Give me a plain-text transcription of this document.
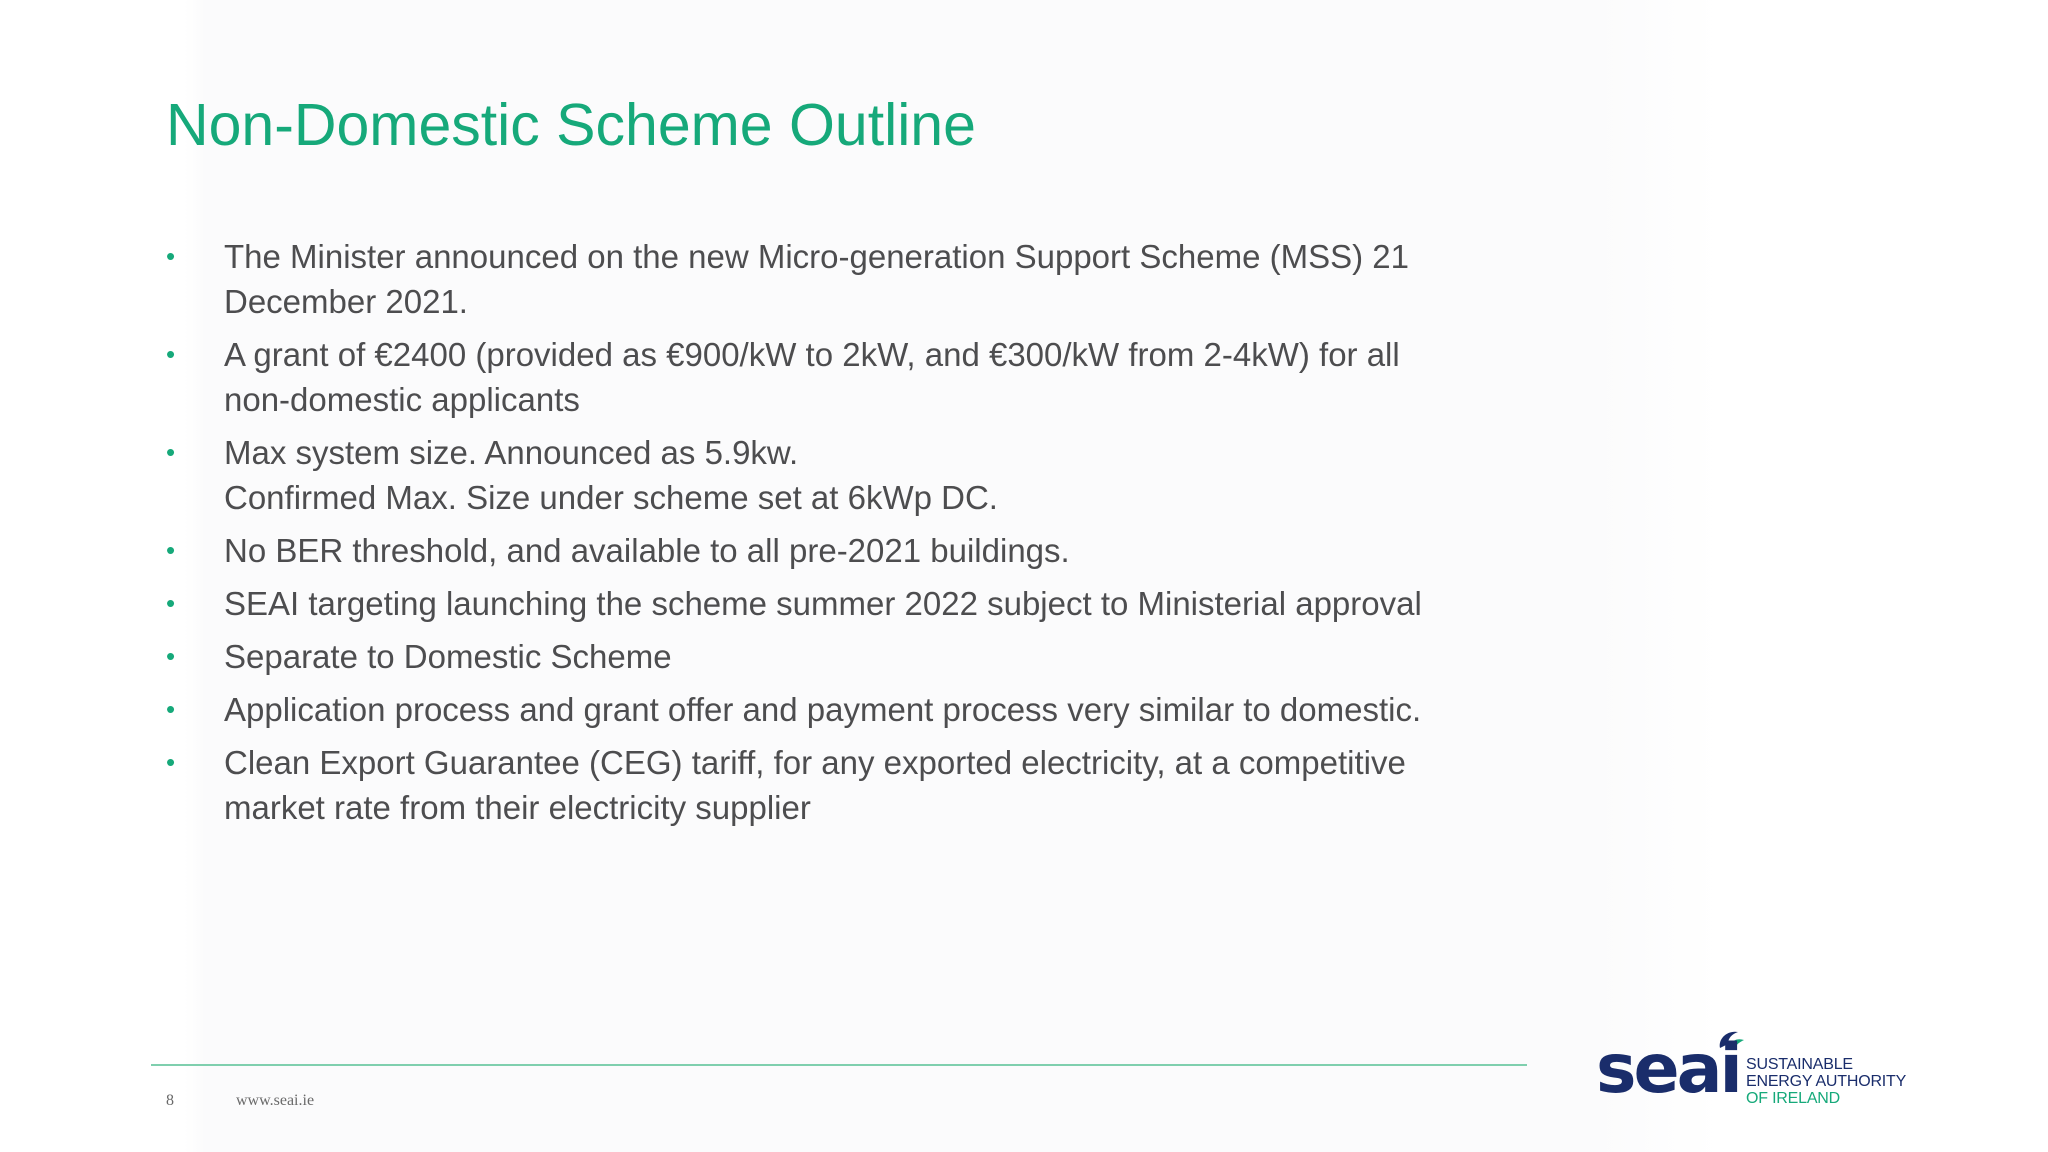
Non-Domestic Scheme Outline
•	The Minister announced on the new Micro-generation Support Scheme (MSS) 21
December 2021.
•	A grant of €2400 (provided as €900/kW to 2kW, and €300/kW from 2-4kW) for all
non-domestic applicants
•	Max system size. Announced as 5.9kw.
Confirmed Max. Size under scheme set at 6kWp DC.
•	No BER threshold, and available to all pre-2021 buildings.
•	SEAI targeting launching the scheme summer 2022 subject to Ministerial approval
•	Separate to Domestic Scheme
•	Application process and grant offer and payment process very similar to domestic.
•	Clean Export Guarantee (CEG) tariff, for any exported electricity, at a competitive
market rate from their electricity supplier
8	www.seai.ie	seai SUSTAINABLE
ENERGY AUTHORITY
OF IRELAND
